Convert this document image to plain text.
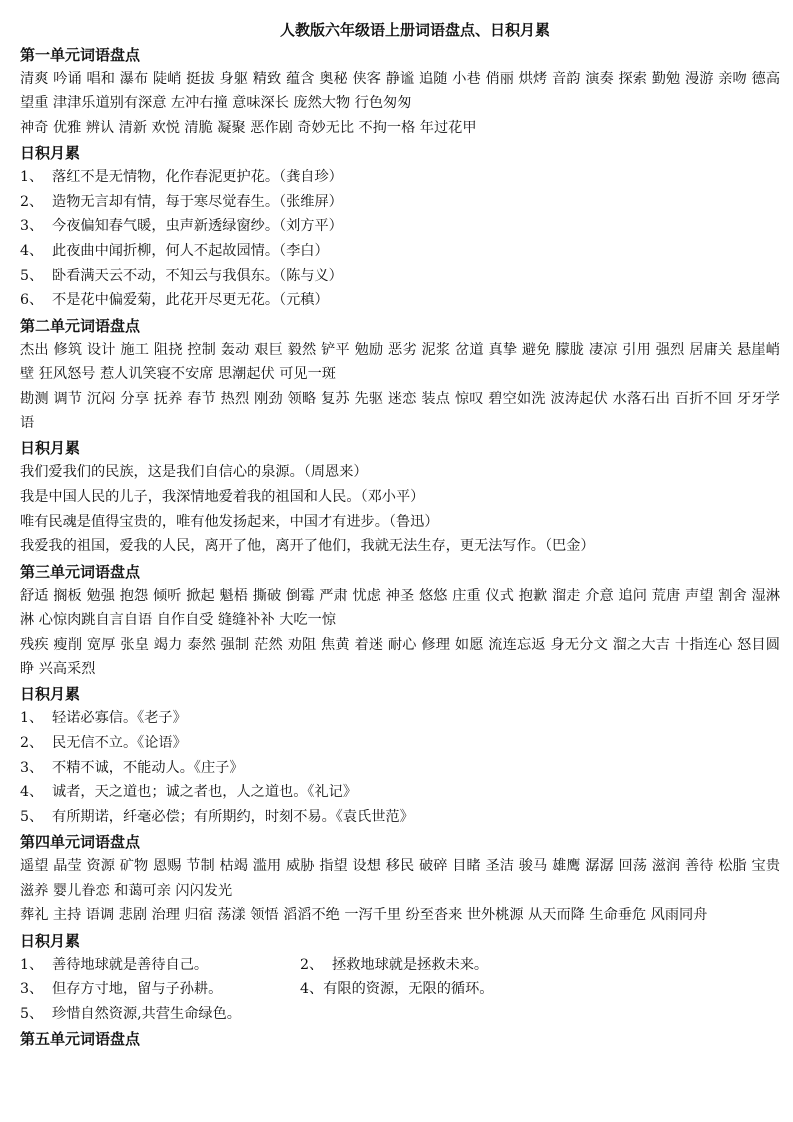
人教版六年级语上册词语盘点、日积月累
第一单元词语盘点

清爽 吟诵 唱和 瀑布 陡峭 挺拔 身躯 精致 蕴含 奥秘 侠客 静谧 追随 小巷 俏丽 烘烤 音韵 演奏 探索 勤勉 漫游 亲吻 德高望重 津津乐道别有深意 左冲右撞 意味深长 庞然大物 行色匆匆

神奇 优雅 辨认 清新 欢悦 清脆 凝聚 恶作剧 奇妙无比 不拘一格 年过花甲

日积月累
1、 落红不是无情物，化作春泥更护花。（龚自珍）
2、 造物无言却有情，每于寒尽觉春生。（张维屏）
3、 今夜偏知春气暖，虫声新透绿窗纱。（刘方平）
4、 此夜曲中闻折柳，何人不起故园情。（李白）
5、 卧看满天云不动，不知云与我俱东。（陈与义）
6、 不是花中偏爱菊，此花开尽更无花。（元稹）
第二单元词语盘点

杰出 修筑 设计 施工 阻挠 控制 轰动 艰巨 毅然 铲平 勉励 恶劣 泥浆 岔道 真挚 避免 朦胧 凄凉 引用 强烈 居庸关 悬崖峭壁 狂风怒号 惹人讥笑寝不安席 思潮起伏 可见一斑

勘测 调节 沉闷 分享 抚养 春节 热烈 刚劲 领略 复苏 先驱 迷恋 装点 惊叹 碧空如洗 波涛起伏 水落石出 百折不回 牙牙学语

日积月累
我们爱我们的民族，这是我们自信心的泉源。（周恩来）
我是中国人民的儿子，我深情地爱着我的祖国和人民。（邓小平）
唯有民魂是值得宝贵的，唯有他发扬起来，中国才有进步。（鲁迅）
我爱我的祖国，爱我的人民，离开了他，离开了他们，我就无法生存，更无法写作。（巴金）
第三单元词语盘点

舒适 搁板 勉强 抱怨 倾听 掀起 魁梧 撕破 倒霉 严肃 忧虑 神圣 悠悠 庄重 仪式 抱歉 溜走 介意 追问 荒唐 声望 割舍 湿淋淋 心惊肉跳自言自语 自作自受 缝缝补补 大吃一惊

残疾 瘦削 宽厚 张皇 竭力 泰然 强制 茫然 劝阻 焦黄 着迷 耐心 修理 如愿 流连忘返 身无分文 溜之大吉 十指连心 怒目圆睁 兴高采烈

日积月累
1、 轻诺必寡信。《老子》
2、 民无信不立。《论语》
3、 不精不诚，不能动人。《庄子》
4、 诚者，天之道也；诚之者也，人之道也。《礼记》
5、 有所期诺，纤毫必偿；有所期约，时刻不易。《袁氏世范》
第四单元词语盘点

遥望 晶莹 资源 矿物 恩赐 节制 枯竭 滥用 威胁 指望 设想 移民 破碎 目睹 圣洁 骏马 雄鹰 潺潺 回荡 滋润 善待 松脂 宝贵 滋养 婴儿眷恋 和蔼可亲 闪闪发光

葬礼 主持 语调 悲剧 治理 归宿 荡漾 领悟 滔滔不绝 一泻千里 纷至沓来 世外桃源 从天而降 生命垂危 风雨同舟

日积月累
1、 善待地球就是善待自己。	2、 拯救地球就是拯救未来。
3、 但存方寸地，留与子孙耕。	4、有限的资源，无限的循环。
5、 珍惜自然资源,共营生命绿色。
第五单元词语盘点
